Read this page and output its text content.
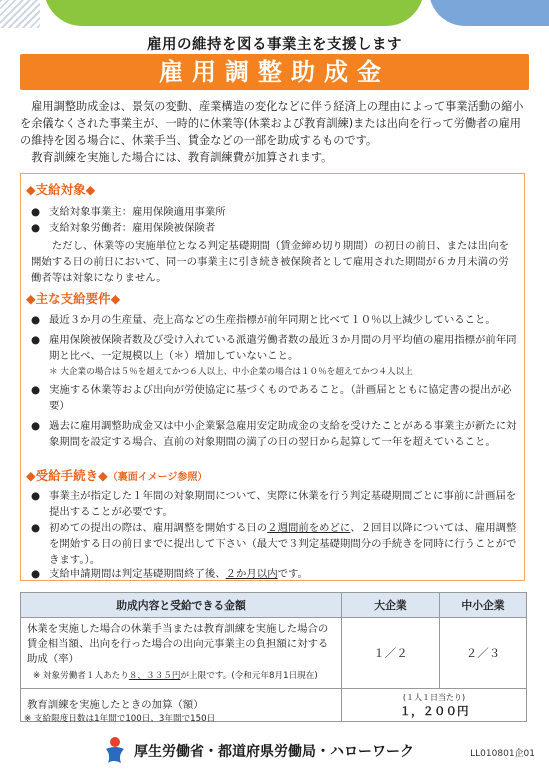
雇用の維持を図る事業主を支援します
雇用調整助成金

雇用調整助成金は、景気の変動、産業構造の変化などに伴う経済上の理由によって事業活動の縮小を余儀なくされた事業主が、一時的に休業等(休業および教育訓練)または出向を行って労働者の雇用の維持を図る場合に、休業手当、賃金などの一部を助成するものです。

教育訓練を実施した場合には、教育訓練費が加算されます。

◆支給対象◆
● 支給対象事業主：雇用保険適用事業所
● 支給対象労働者：雇用保険被保険者
ただし、休業等の実施単位となる判定基礎期間（賃金締め切り期間）の初日の前日、または出向を開始する日の前日において、同一の事業主に引き続き被保険者として雇用された期間が６カ月未満の労働者等は対象になりません。
◆主な支給要件◆
● 最近３か月の生産量、売上高などの生産指標が前年同期と比べて１０％以上減少していること。
● 雇用保険被保険者数及び受け入れている派遣労働者数の最近３か月間の月平均値の雇用指標が前年同期と比べ、一定規模以上（＊）増加していないこと。
＊ 大企業の場合は５％を超えてかつ６人以上、中小企業の場合は１０％を超えてかつ４人以上
● 実施する休業等および出向が労使協定に基づくものであること。（計画届とともに協定書の提出が必要）
● 過去に雇用調整助成金又は中小企業緊急雇用安定助成金の支給を受けたことがある事業主が新たに対象期間を設定する場合、直前の対象期間の満了の日の翌日から起算して一年を超えていること。
◆受給手続き◆（裏面イメージ参照）
● 事業主が指定した１年間の対象期間について、実際に休業を行う判定基礎期間ごとに事前に計画届を提出することが必要です。
● 初めての提出の際は、雇用調整を開始する日の２週間前をめどに、２回目以降については、雇用調整を開始する日の前日までに提出して下さい（最大で３判定基礎期間分の手続きを同時に行うことができます。）。
● 支給申請期間は判定基礎期間終了後、２か月以内です。
助成内容と受給できる金額	大企業	中小企業

休業を実施した場合の休業手当または教育訓練を実施した場合の賃金相当額、出向を行った場合の出向元事業主の負担額に対する助成（率）
※ 対象労働者１人あたり８，３３５円が上限です。(令和元年8月1日現在)	１／２	２／３
教育訓練を実施したときの加算（額）	(１人１日当たり)
１，２００円	
※ 支給限度日数は1年間で100日、3年間で150日
厚生労働省・都道府県労働局・ハローワーク	LL010801企01
